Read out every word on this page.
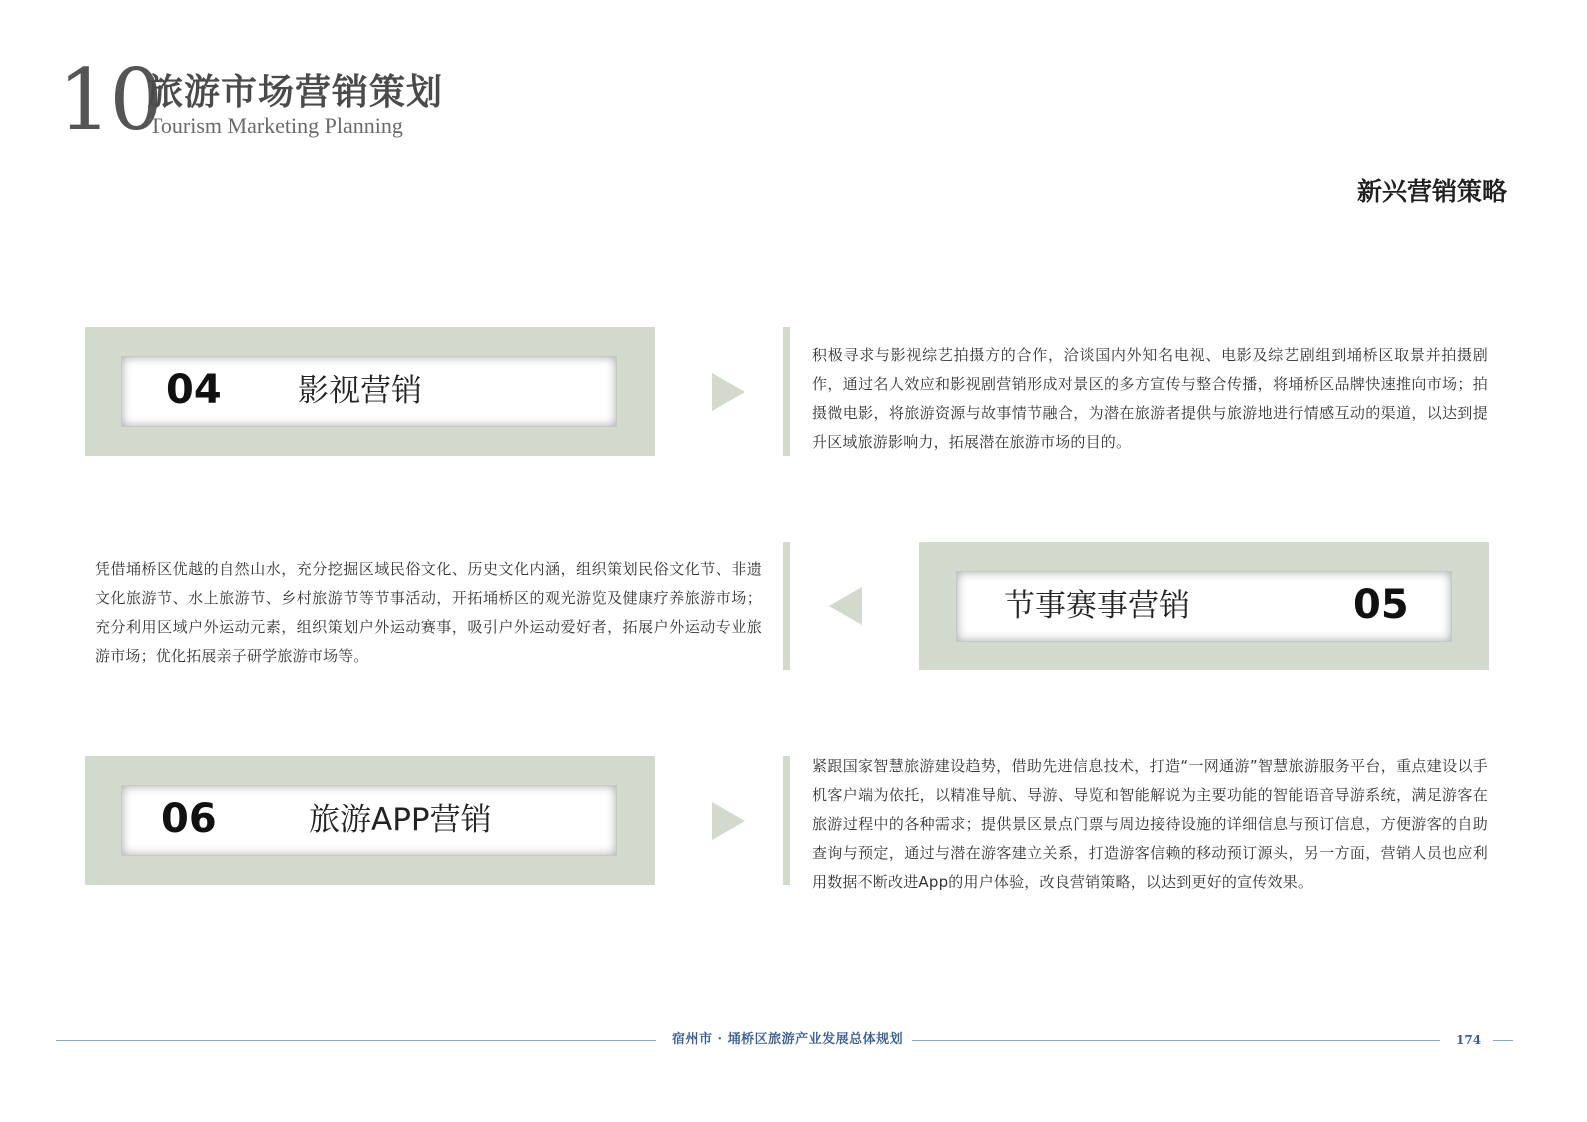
10
旅游市场营销策划
Tourism Marketing Planning
新兴营销策略
04 影视营销
积极寻求与影视综艺拍摄方的合作，洽谈国内外知名电视、电影及综艺剧组到埇桥区取景并拍摄剧作，通过名人效应和影视剧营销形成对景区的多方宣传与整合传播，将埇桥区品牌快速推向市场；拍摄微电影，将旅游资源与故事情节融合，为潜在旅游者提供与旅游地进行情感互动的渠道，以达到提升区域旅游影响力，拓展潜在旅游市场的目的。
节事赛事营销	05
凭借埇桥区优越的自然山水，充分挖掘区域民俗文化、历史文化内涵，组织策划民俗文化节、非遗文化旅游节、水上旅游节、乡村旅游节等节事活动，开拓埇桥区的观光游览及健康疗养旅游市场；充分利用区域户外运动元素，组织策划户外运动赛事，吸引户外运动爱好者，拓展户外运动专业旅游市场；优化拓展亲子研学旅游市场等。
06	旅游APP营销
紧跟国家智慧旅游建设趋势，借助先进信息技术，打造“一网通游”智慧旅游服务平台，重点建设以手机客户端为依托，以精准导航、导游、导览和智能解说为主要功能的智能语音导游系统，满足游客在旅游过程中的各种需求；提供景区景点门票与周边接待设施的详细信息与预订信息，方便游客的自助查询与预定，通过与潜在游客建立关系，打造游客信赖的移动预订源头，另一方面，营销人员也应利用数据不断改进App的用户体验，改良营销策略，以达到更好的宣传效果。
宿州市 · 埇桥区旅游产业发展总体规划	174
